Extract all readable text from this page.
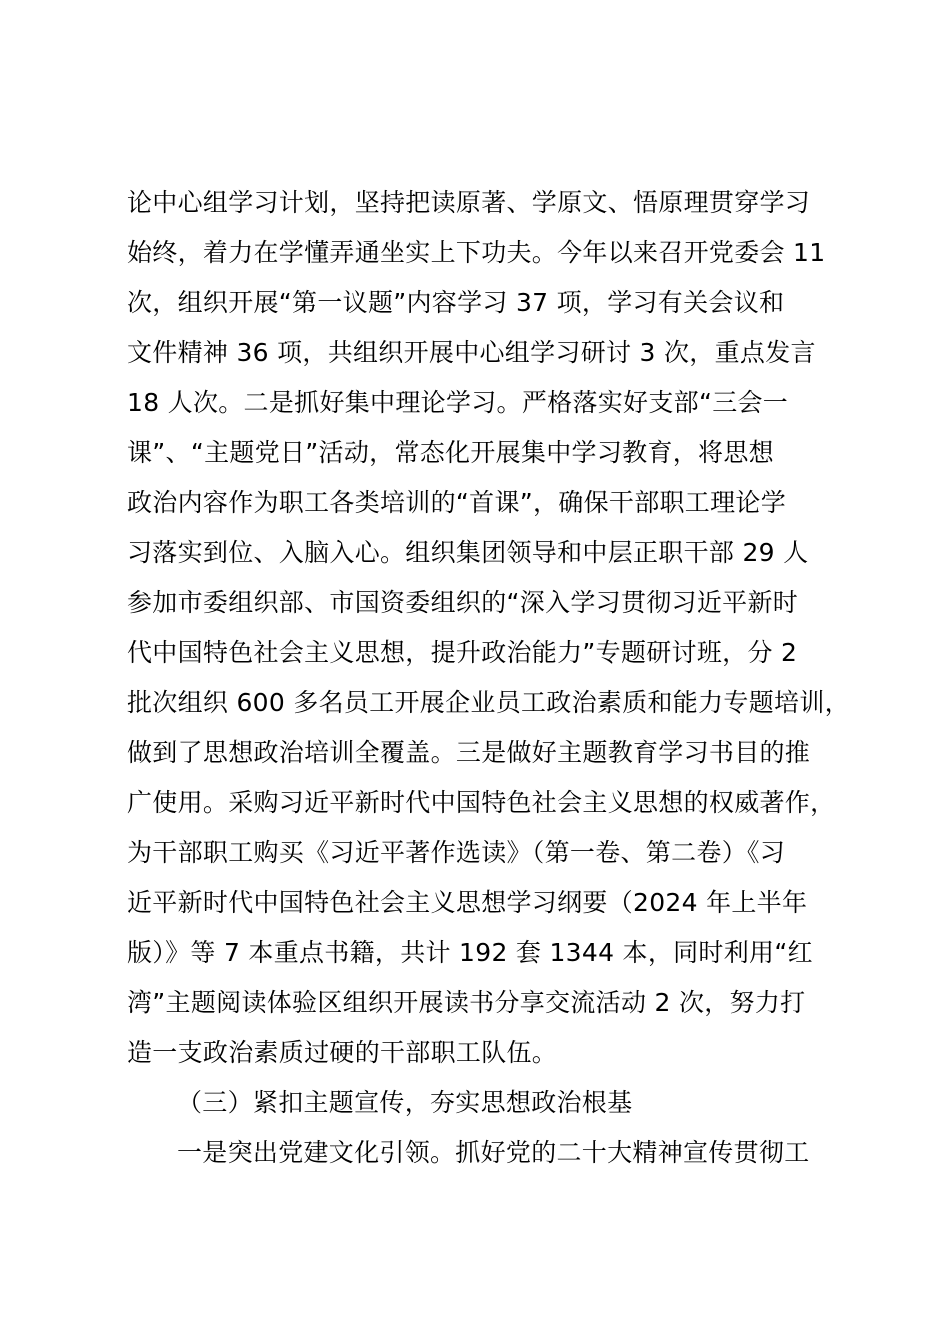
论中心组学习计划，坚持把读原著、学原文、悟原理贯穿学习
始终，着力在学懂弄通坐实上下功夫。今年以来召开党委会 11
次，组织开展“第一议题”内容学习 37 项，学习有关会议和
文件精神 36 项，共组织开展中心组学习研讨 3 次，重点发言
18 人次。二是抓好集中理论学习。严格落实好支部“三会一
课”、“主题党日”活动，常态化开展集中学习教育，将思想
政治内容作为职工各类培训的“首课”，确保干部职工理论学
习落实到位、入脑入心。组织集团领导和中层正职干部 29 人
参加市委组织部、市国资委组织的“深入学习贯彻习近平新时
代中国特色社会主义思想，提升政治能力”专题研讨班，分 2
批次组织 600 多名员工开展企业员工政治素质和能力专题培训，
做到了思想政治培训全覆盖。三是做好主题教育学习书目的推
广使用。采购习近平新时代中国特色社会主义思想的权威著作，
为干部职工购买《习近平著作选读》（第一卷、第二卷）《习
近平新时代中国特色社会主义思想学习纲要（2024 年上半年
版）》等 7 本重点书籍，共计 192 套 1344 本，同时利用“红
湾”主题阅读体验区组织开展读书分享交流活动 2 次，努力打
造一支政治素质过硬的干部职工队伍。
（三）紧扣主题宣传，夯实思想政治根基
一是突出党建文化引领。抓好党的二十大精神宣传贯彻工
